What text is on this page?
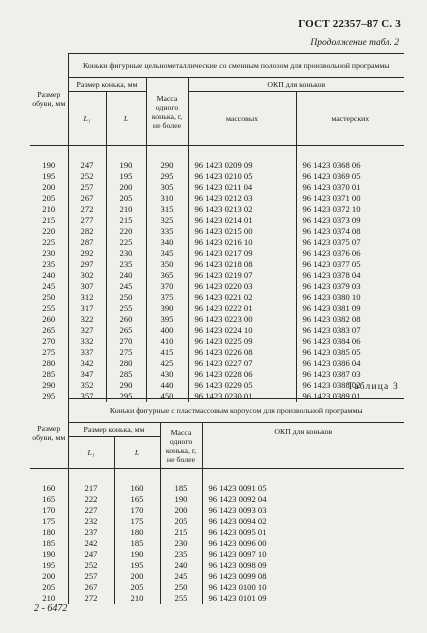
ГОСТ 22357–87 С. 3
Продолжение табл. 2
Размер обуви, мм	Коньки фигурные цельнометаллические со сменным полозом для произвольной программы				
	Размер конька, мм		Масса одного конька, г, не более	ОКП для коньков	
	L₁	L		массовых	мастерских

190	247	190	290	96 1423 0209 09	96 1423 0368 06
195	252	195	295	96 1423 0210 05	96 1423 0369 05
200	257	200	305	96 1423 0211 04	96 1423 0370 01
205	267	205	310	96 1423 0212 03	96 1423 0371 00
210	272	210	315	96 1423 0213 02	96 1423 0372 10
215	277	215	325	96 1423 0214 01	96 1423 0373 09
220	282	220	335	96 1423 0215 00	96 1423 0374 08
225	287	225	340	96 1423 0216 10	96 1423 0375 07
230	292	230	345	96 1423 0217 09	96 1423 0376 06
235	297	235	350	96 1423 0218 08	96 1423 0377 05
240	302	240	365	96 1423 0219 07	96 1423 0378 04
245	307	245	370	96 1423 0220 03	96 1423 0379 03
250	312	250	375	96 1423 0221 02	96 1423 0380 10
255	317	255	390	96 1423 0222 01	96 1423 0381 09
260	322	260	395	96 1423 0223 00	96 1423 0382 08
265	327	265	400	96 1423 0224 10	96 1423 0383 07
270	332	270	410	96 1423 0225 09	96 1423 0384 06
275	337	275	415	96 1423 0226 08	96 1423 0385 05
280	342	280	425	96 1423 0227 07	96 1423 0386 04
285	347	285	430	96 1423 0228 06	96 1423 0387 03
290	352	290	440	96 1423 0229 05	96 1423 0388 02
295	357	295	450	96 1423 0230 01	96 1423 0389 01
Таблица 3
Размер обуви, мм	Коньки фигурные с пластмассовым корпусом для произвольной программы			
	Размер конька, мм		Масса одного конька, г, не более	ОКП для коньков
	L₁	L		

160	217	160	185	96 1423 0091 05
165	222	165	190	96 1423 0092 04
170	227	170	200	96 1423 0093 03
175	232	175	205	96 1423 0094 02
180	237	180	215	96 1423 0095 01
185	242	185	230	96 1423 0096 00
190	247	190	235	96 1423 0097 10
195	252	195	240	96 1423 0098 09
200	257	200	245	96 1423 0099 08
205	267	205	250	96 1423 0100 10
210	272	210	255	96 1423 0101 09
2 - 6472
